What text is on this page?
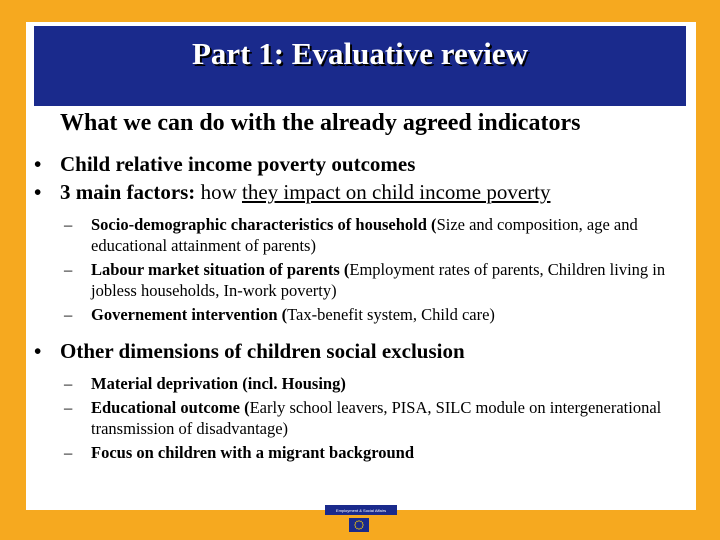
Part 1: Evaluative review
What we can do with the already agreed indicators
• Child relative income poverty outcomes
• 3 main factors: how they impact on child income poverty
– Socio-demographic characteristics of household (Size and composition, age and educational attainment of parents)
– Labour market situation of parents (Employment rates of parents, Children living in jobless households, In-work poverty)
– Governement intervention (Tax-benefit system, Child care)
• Other dimensions of children social exclusion
– Material deprivation (incl. Housing)
– Educational outcome (Early school leavers, PISA, SILC module on intergenerational transmission of disadvantage)
– Focus on children with a migrant background
Employment & Social Affairs
